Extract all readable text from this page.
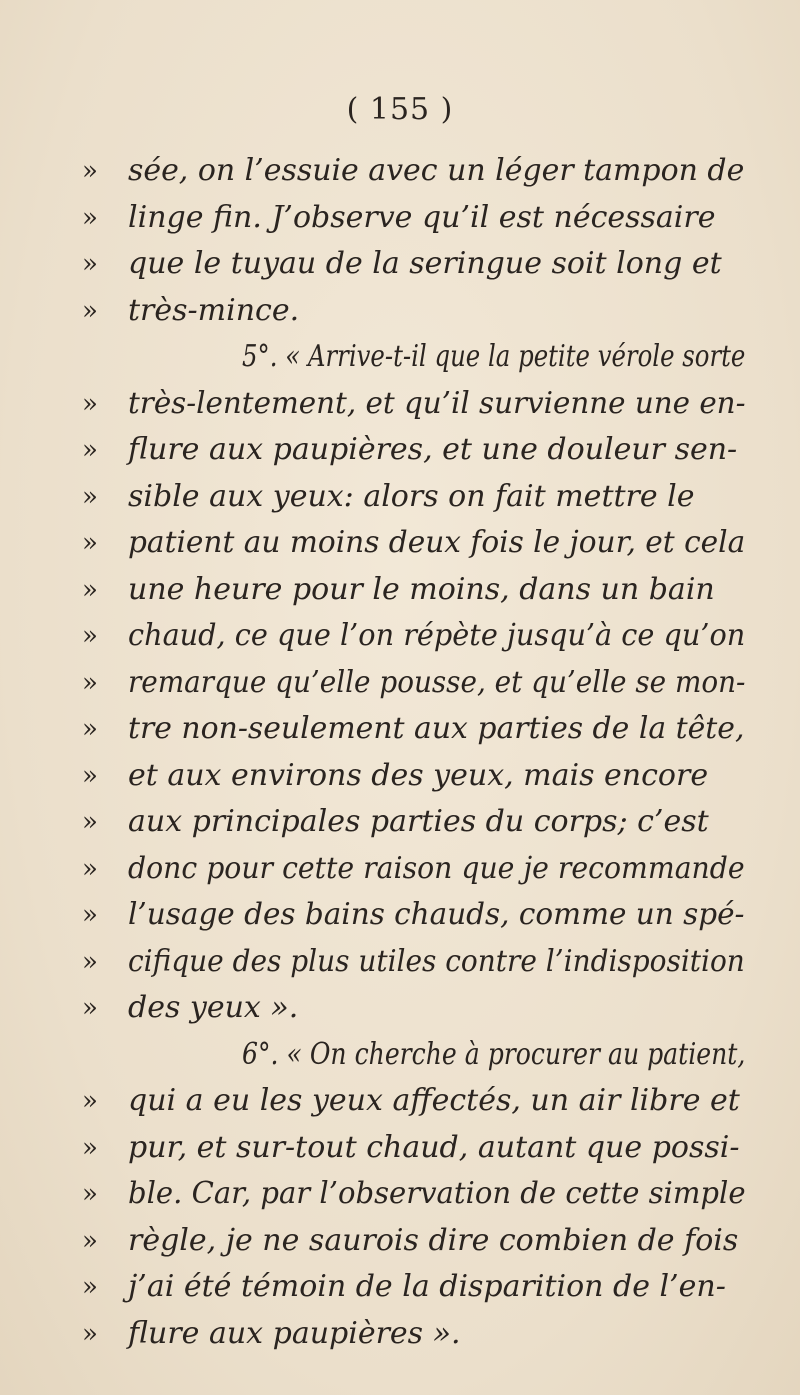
( 155 )
»	sée, on l’essuie avec un léger tampon de
»	linge fin. J’observe qu’il est nécessaire
»	que le tuyau de la seringue soit long et
»	très-mince.
5°. « Arrive-t-il que la petite vérole sorte
»	très-lentement, et qu’il survienne une en-
»	flure aux paupières, et une douleur sen-
»	sible aux yeux: alors on fait mettre le
»	patient au moins deux fois le jour, et cela
»	une heure pour le moins, dans un bain
»	chaud, ce que l’on répète jusqu’à ce qu’on
»	remarque qu’elle pousse, et qu’elle se mon-
»	tre non-seulement aux parties de la tête,
»	et aux environs des yeux, mais encore
»	aux principales parties du corps; c’est
»	donc pour cette raison que je recommande
»	l’usage des bains chauds, comme un spé-
»	cifique des plus utiles contre l’indisposition
»	des yeux ».
6°. « On cherche à procurer au patient,
»	qui a eu les yeux affectés, un air libre et
»	pur, et sur-tout chaud, autant que possi-
»	ble. Car, par l’observation de cette simple
»	règle, je ne saurois dire combien de fois
»	j’ai été témoin de la disparition de l’en-
»	flure aux paupières ».
